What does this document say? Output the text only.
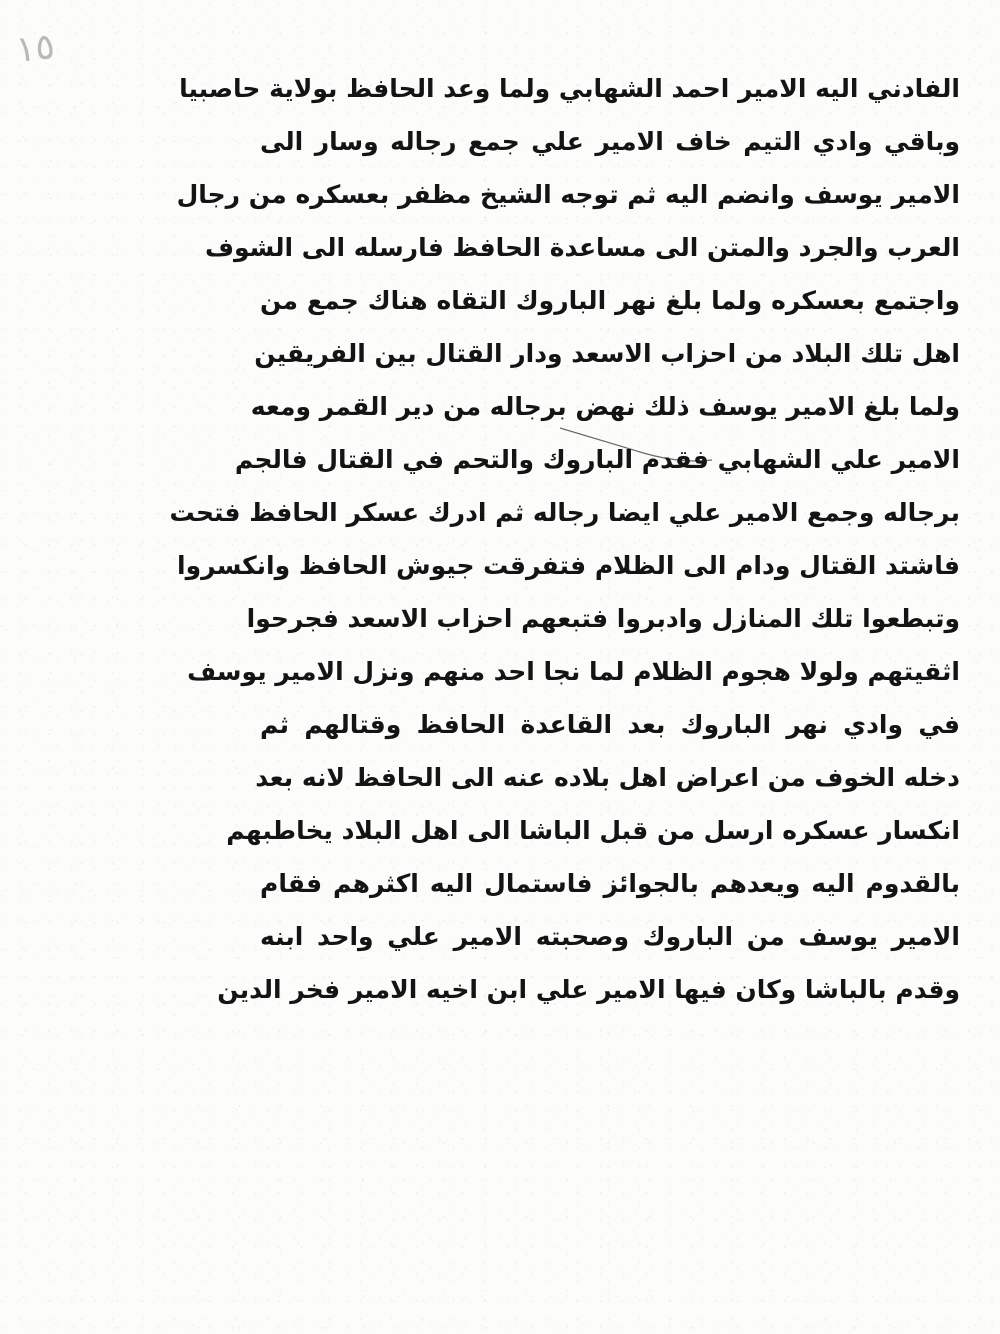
١٥
الفادني اليه الامير احمد الشهابي ولما وعد الحافظ بولاية حاصبيا
وباقي وادي التيم خاف الامير علي جمع رجاله وسار الى
الامير يوسف وانضم اليه ثم توجه الشيخ مظفر بعسكره من رجال
العرب والجرد والمتن الى مساعدة الحافظ فارسله الى الشوف
واجتمع بعسكره ولما بلغ نهر الباروك التقاه هناك جمع من
اهل تلك البلاد من احزاب الاسعد ودار القتال بين الفريقين
ولما بلغ الامير يوسف ذلك نهض برجاله من دير القمر ومعه
الامير علي الشهابي فقدم الباروك والتحم في القتال فالجم
برجاله وجمع الامير علي ايضا رجاله ثم ادرك عسكر الحافظ فتحت
فاشتد القتال ودام الى الظلام فتفرقت جيوش الحافظ وانكسروا
وتبطعوا تلك المنازل وادبروا فتبعهم احزاب الاسعد فجرحوا
اثقيتهم ولولا هجوم الظلام لما نجا احد منهم ونزل الامير يوسف
في وادي نهر الباروك بعد القاعدة الحافظ وقتالهم ثم
دخله الخوف من اعراض اهل بلاده عنه الى الحافظ لانه بعد
انكسار عسكره ارسل من قبل الباشا الى اهل البلاد يخاطبهم
بالقدوم اليه ويعدهم بالجوائز فاستمال اليه اكثرهم فقام
الامير يوسف من الباروك وصحبته الامير علي واحد ابنه
وقدم بالباشا وكان فيها الامير علي ابن اخيه الامير فخر الدين
